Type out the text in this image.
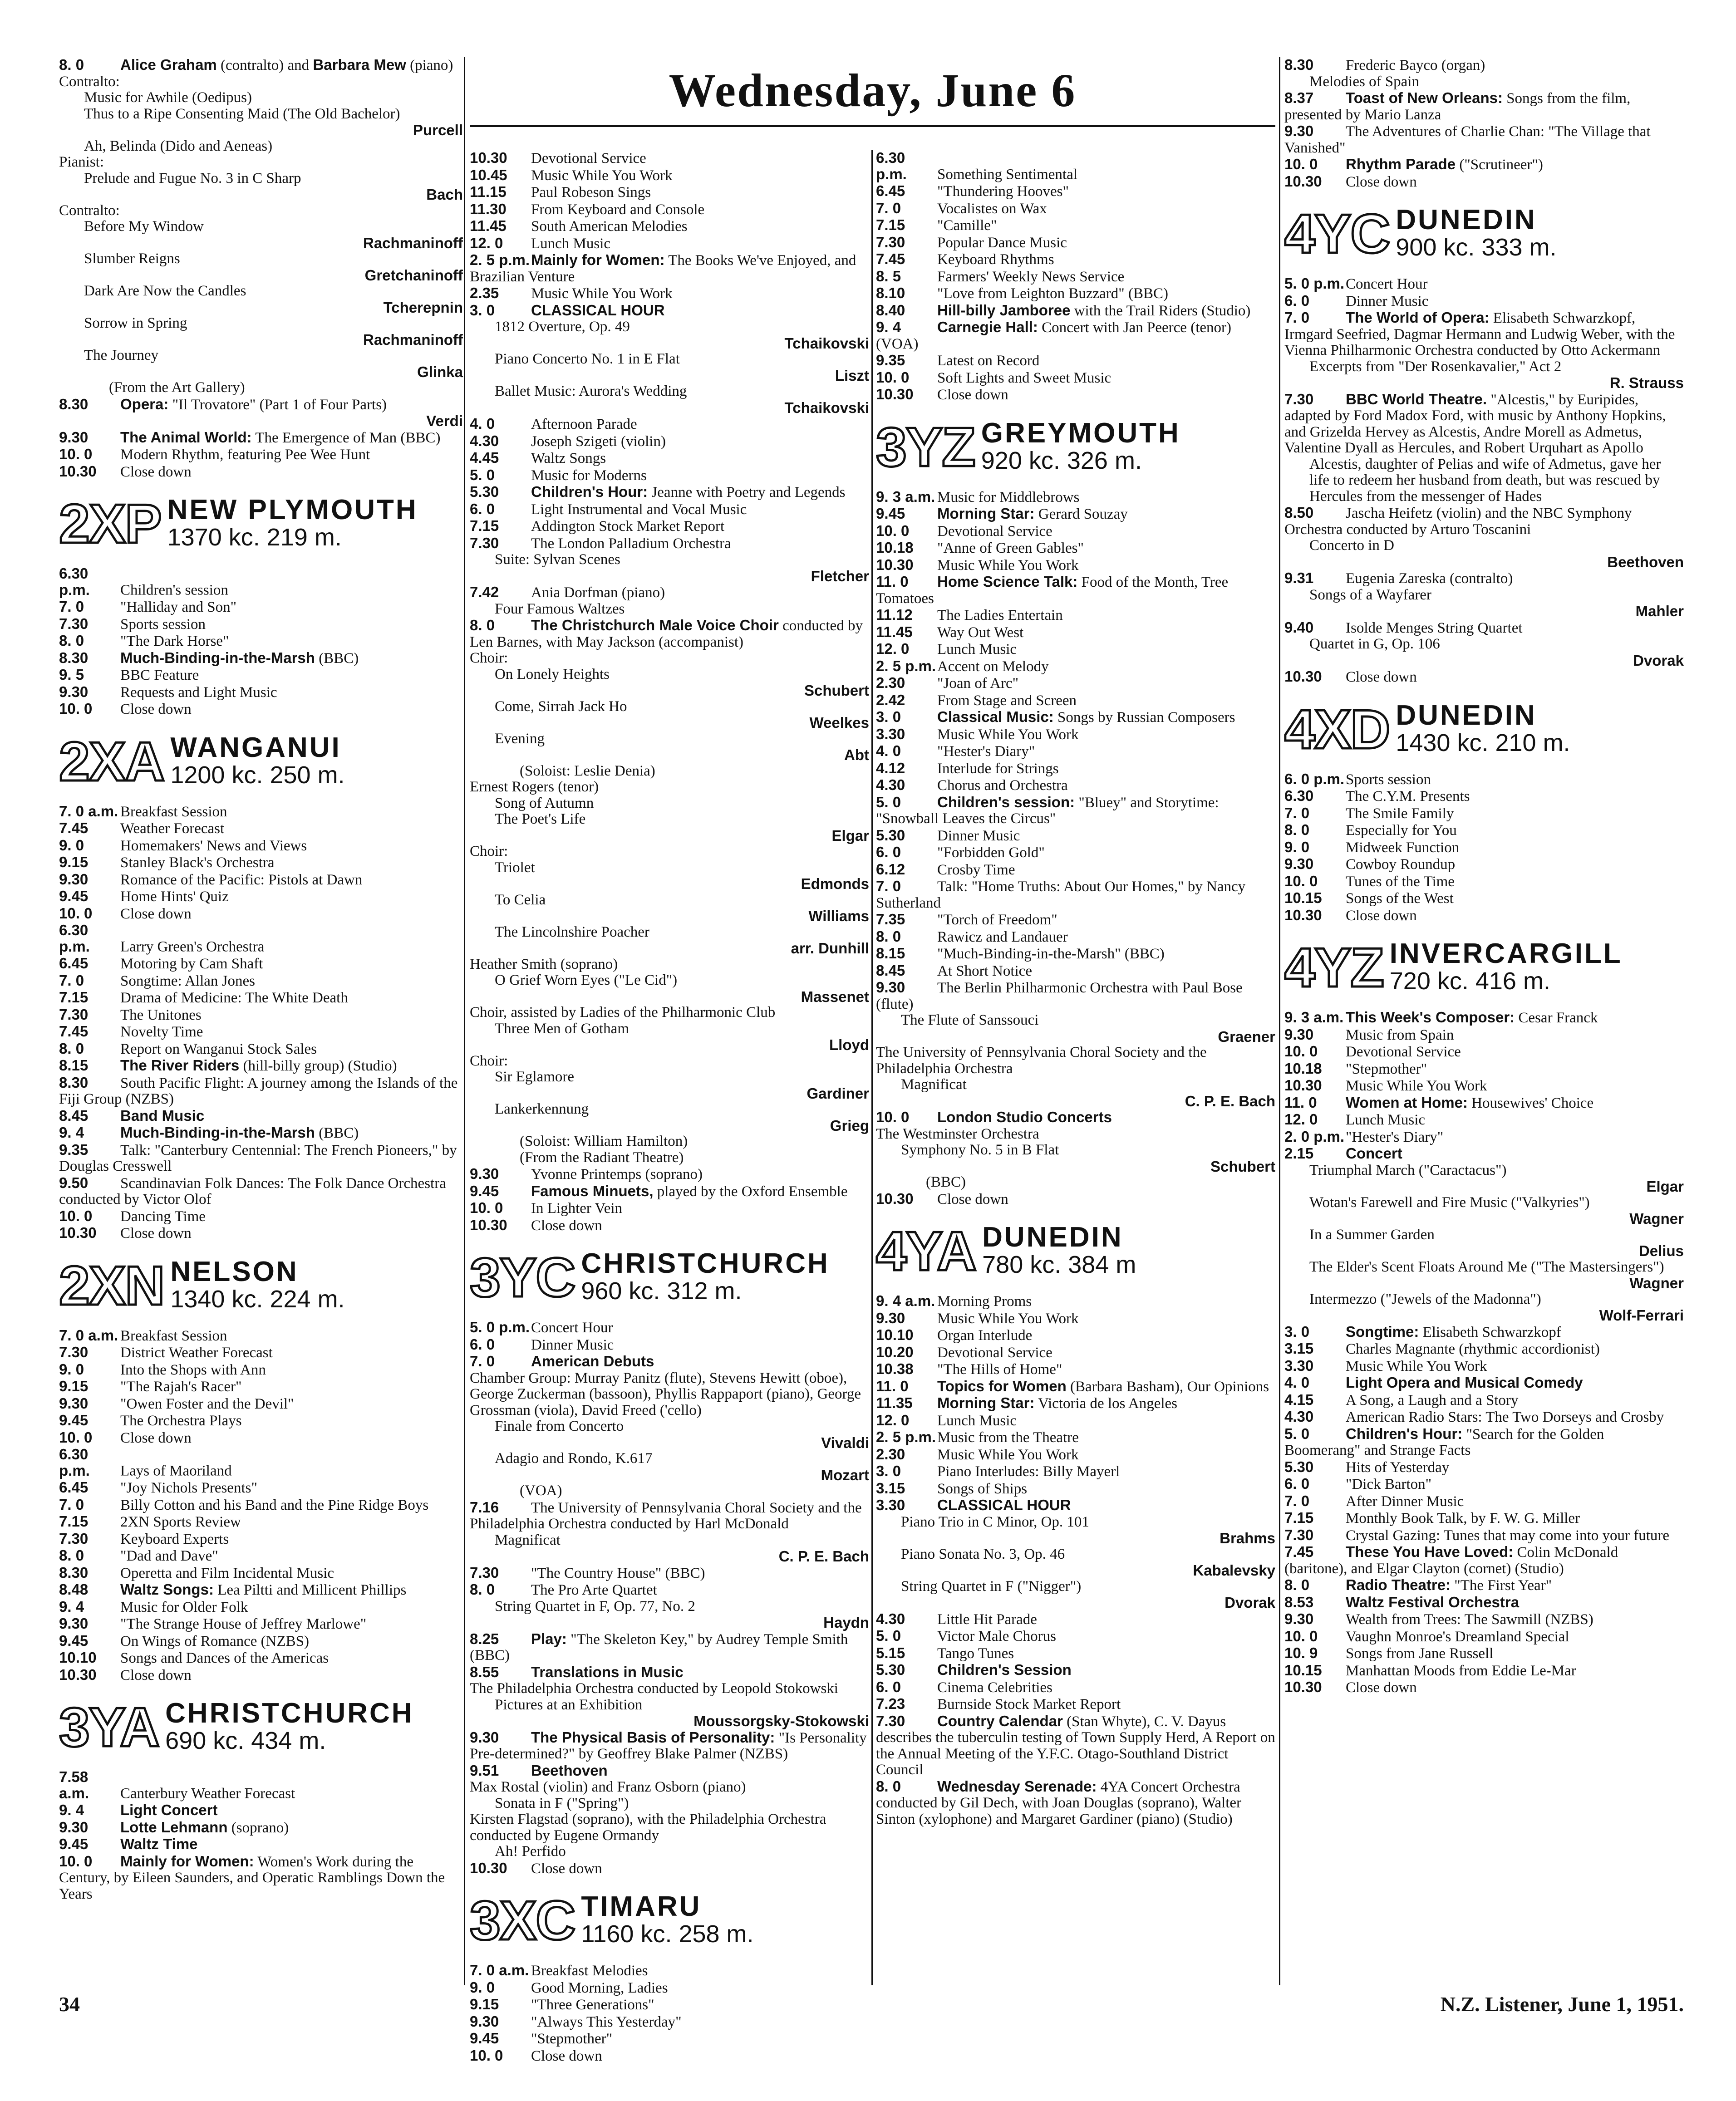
Wednesday, June 6
8. 0 Alice Graham (contralto) and Barbara Mew (piano)
Contralto:
Music for Awhile (Oedipus)
Thus to a Ripe Consenting Maid (The Old Bachelor)
Purcell
Ah, Belinda (Dido and Aeneas)
Pianist:
Prelude and Fugue No. 3 in C Sharp
Bach
Contralto:
Before My Window
Rachmaninoff
Slumber Reigns
Gretchaninoff
Dark Are Now the Candles
Tcherepnin
Sorrow in Spring
Rachmaninoff
The Journey
Glinka
(From the Art Gallery)
8.30 Opera: "Il Trovatore" (Part 1 of Four Parts)
Verdi
9.30 The Animal World: The Emergence of Man (BBC)
10. 0 Modern Rhythm, featuring Pee Wee Hunt
10.30 Close down
2XP NEW PLYMOUTH
1370 kc. 219 m.
6.30 p.m. Children's session
7. 0 "Halliday and Son"
7.30 Sports session
8. 0 "The Dark Horse"
8.30 Much-Binding-in-the-Marsh (BBC)
9. 5 BBC Feature
9.30 Requests and Light Music
10. 0 Close down
2XA WANGANUI
1200 kc. 250 m.
7. 0 a.m. Breakfast Session
7.45 Weather Forecast
9. 0 Homemakers' News and Views
9.15 Stanley Black's Orchestra
9.30 Romance of the Pacific: Pistols at Dawn
9.45 Home Hints' Quiz
10. 0 Close down
6.30 p.m. Larry Green's Orchestra
6.45 Motoring by Cam Shaft
7. 0 Songtime: Allan Jones
7.15 Drama of Medicine: The White Death
7.30 The Unitones
7.45 Novelty Time
8. 0 Report on Wanganui Stock Sales
8.15 The River Riders (hill-billy group) (Studio)
8.30 South Pacific Flight: A journey among the Islands of the Fiji Group (NZBS)
8.45 Band Music
9. 4 Much-Binding-in-the-Marsh (BBC)
9.35 Talk: "Canterbury Centennial: The French Pioneers," by Douglas Cresswell
9.50 Scandinavian Folk Dances: The Folk Dance Orchestra conducted by Victor Olof
10. 0 Dancing Time
10.30 Close down
2XN NELSON
1340 kc. 224 m.
7. 0 a.m. Breakfast Session
7.30 District Weather Forecast
9. 0 Into the Shops with Ann
9.15 "The Rajah's Racer"
9.30 "Owen Foster and the Devil"
9.45 The Orchestra Plays
10. 0 Close down
6.30 p.m. Lays of Maoriland
6.45 "Joy Nichols Presents"
7. 0 Billy Cotton and his Band and the Pine Ridge Boys
7.15 2XN Sports Review
7.30 Keyboard Experts
8. 0 "Dad and Dave"
8.30 Operetta and Film Incidental Music
8.48 Waltz Songs: Lea Piltti and Millicent Phillips
9. 4 Music for Older Folk
9.30 "The Strange House of Jeffrey Marlowe"
9.45 On Wings of Romance (NZBS)
10.10 Songs and Dances of the Americas
10.30 Close down
3YA CHRISTCHURCH
690 kc. 434 m.
7.58 a.m. Canterbury Weather Forecast
9. 4 Light Concert
9.30 Lotte Lehmann (soprano)
9.45 Waltz Time
10. 0 Mainly for Women: Women's Work during the Century, by Eileen Saunders, and Operatic Ramblings Down the Years
10.30 Devotional Service
10.45 Music While You Work
11.15 Paul Robeson Sings
11.30 From Keyboard and Console
11.45 South American Melodies
12. 0 Lunch Music
2. 5 p.m.Mainly for Women: The Books We've Enjoyed, and Brazilian Venture
2.35 Music While You Work
3. 0 CLASSICAL HOUR
1812 Overture, Op. 49
Tchaikovski
Piano Concerto No. 1 in E Flat
Liszt
Ballet Music: Aurora's Wedding
Tchaikovski
4. 0 Afternoon Parade
4.30 Joseph Szigeti (violin)
4.45 Waltz Songs
5. 0 Music for Moderns
5.30 Children's Hour: Jeanne with Poetry and Legends
6. 0 Light Instrumental and Vocal Music
7.15 Addington Stock Market Report
7.30 The London Palladium Orchestra
Suite: Sylvan Scenes
Fletcher
7.42 Ania Dorfman (piano)
Four Famous Waltzes
8. 0 The Christchurch Male Voice Choir conducted by Len Barnes, with May Jackson (accompanist)
Choir:
On Lonely Heights
Schubert
Come, Sirrah Jack Ho
Weelkes
Evening
Abt
(Soloist: Leslie Denia)
Ernest Rogers (tenor)
Song of Autumn
The Poet's Life
Elgar
Choir:
Triolet
Edmonds
To Celia
Williams
The Lincolnshire Poacher
arr. Dunhill
Heather Smith (soprano)
O Grief Worn Eyes ("Le Cid")
Massenet
Choir, assisted by Ladies of the Philharmonic Club
Three Men of Gotham
Lloyd
Choir:
Sir Eglamore
Gardiner
Lankerkennung
Grieg
(Soloist: William Hamilton)
(From the Radiant Theatre)
9.30 Yvonne Printemps (soprano)
9.45 Famous Minuets, played by the Oxford Ensemble
10. 0 In Lighter Vein
10.30 Close down
3YC CHRISTCHURCH
960 kc. 312 m.
5. 0 p.m.Concert Hour
6. 0 Dinner Music
7. 0 American Debuts
Chamber Group: Murray Panitz (flute), Stevens Hewitt (oboe), George Zuckerman (bassoon), Phyllis Rappaport (piano), George Grossman (viola), David Freed ('cello)
Finale from Concerto
Vivaldi
Adagio and Rondo, K.617
Mozart
(VOA)
7.16 The University of Pennsylvania Choral Society and the Philadelphia Orchestra conducted by Harl McDonald
Magnificat
C. P. E. Bach
7.30 "The Country House" (BBC)
8. 0 The Pro Arte Quartet
String Quartet in F, Op. 77, No. 2
Haydn
8.25 Play: "The Skeleton Key," by Audrey Temple Smith (BBC)
8.55 Translations in Music
The Philadelphia Orchestra conducted by Leopold Stokowski
Pictures at an Exhibition
Moussorgsky-Stokowski
9.30 The Physical Basis of Personality: "Is Personality Pre-determined?" by Geoffrey Blake Palmer (NZBS)
9.51 Beethoven
Max Rostal (violin) and Franz Osborn (piano)
Sonata in F ("Spring")
Kirsten Flagstad (soprano), with the Philadelphia Orchestra conducted by Eugene Ormandy
Ah! Perfido
10.30 Close down
3XC TIMARU
1160 kc. 258 m.
7. 0 a.m. Breakfast Melodies
9. 0 Good Morning, Ladies
9.15 "Three Generations"
9.30 "Always This Yesterday"
9.45 "Stepmother"
10. 0 Close down
6.30 p.m. Something Sentimental
6.45 "Thundering Hooves"
7. 0 Vocalistes on Wax
7.15 "Camille"
7.30 Popular Dance Music
7.45 Keyboard Rhythms
8. 5 Farmers' Weekly News Service
8.10 "Love from Leighton Buzzard" (BBC)
8.40 Hill-billy Jamboree with the Trail Riders (Studio)
9. 4 Carnegie Hall: Concert with Jan Peerce (tenor) (VOA)
9.35 Latest on Record
10. 0 Soft Lights and Sweet Music
10.30 Close down
3YZ GREYMOUTH
920 kc. 326 m.
9. 3 a.m. Music for Middlebrows
9.45 Morning Star: Gerard Souzay
10. 0 Devotional Service
10.18 "Anne of Green Gables"
10.30 Music While You Work
11. 0 Home Science Talk: Food of the Month, Tree Tomatoes
11.12 The Ladies Entertain
11.45 Way Out West
12. 0 Lunch Music
2. 5 p.m.Accent on Melody
2.30 "Joan of Arc"
2.42 From Stage and Screen
3. 0 Classical Music: Songs by Russian Composers
3.30 Music While You Work
4. 0 "Hester's Diary"
4.12 Interlude for Strings
4.30 Chorus and Orchestra
5. 0 Children's session: "Bluey" and Storytime: "Snowball Leaves the Circus"
5.30 Dinner Music
6. 0 "Forbidden Gold"
6.12 Crosby Time
7. 0 Talk: "Home Truths: About Our Homes," by Nancy Sutherland
7.35 "Torch of Freedom"
8. 0 Rawicz and Landauer
8.15 "Much-Binding-in-the-Marsh" (BBC)
8.45 At Short Notice
9.30 The Berlin Philharmonic Orchestra with Paul Bose (flute)
The Flute of Sanssouci
Graener
The University of Pennsylvania Choral Society and the Philadelphia Orchestra
Magnificat
C. P. E. Bach
10. 0 London Studio Concerts
The Westminster Orchestra
Symphony No. 5 in B Flat
Schubert
(BBC)
10.30 Close down
4YA DUNEDIN
780 kc. 384 m
9. 4 a.m. Morning Proms
9.30 Music While You Work
10.10 Organ Interlude
10.20 Devotional Service
10.38 "The Hills of Home"
11. 0 Topics for Women (Barbara Basham), Our Opinions
11.35 Morning Star: Victoria de los Angeles
12. 0 Lunch Music
2. 5 p.m.Music from the Theatre
2.30 Music While You Work
3. 0 Piano Interludes: Billy Mayerl
3.15 Songs of Ships
3.30 CLASSICAL HOUR
Piano Trio in C Minor, Op. 101
Brahms
Piano Sonata No. 3, Op. 46
Kabalevsky
String Quartet in F ("Nigger")
Dvorak
4.30 Little Hit Parade
5. 0 Victor Male Chorus
5.15 Tango Tunes
5.30 Children's Session
6. 0 Cinema Celebrities
7.23 Burnside Stock Market Report
7.30 Country Calendar (Stan Whyte), C. V. Dayus describes the tuberculin testing of Town Supply Herd, A Report on the Annual Meeting of the Y.F.C. Otago-Southland District Council
8. 0 Wednesday Serenade: 4YA Concert Orchestra conducted by Gil Dech, with Joan Douglas (soprano), Walter Sinton (xylophone) and Margaret Gardiner (piano) (Studio)
8.30 Frederic Bayco (organ)
Melodies of Spain
8.37 Toast of New Orleans: Songs from the film, presented by Mario Lanza
9.30 The Adventures of Charlie Chan: "The Village that Vanished"
10. 0 Rhythm Parade ("Scrutineer")
10.30 Close down
4YC DUNEDIN
900 kc. 333 m.
5. 0 p.m.Concert Hour
6. 0 Dinner Music
7. 0 The World of Opera: Elisabeth Schwarzkopf, Irmgard Seefried, Dagmar Hermann and Ludwig Weber, with the Vienna Philharmonic Orchestra conducted by Otto Ackermann
Excerpts from "Der Rosenkavalier," Act 2
R. Strauss
7.30 BBC World Theatre. "Alcestis," by Euripides, adapted by Ford Madox Ford, with music by Anthony Hopkins, and Grizelda Hervey as Alcestis, Andre Morell as Admetus, Valentine Dyall as Hercules, and Robert Urquhart as Apollo
Alcestis, daughter of Pelias and wife of Admetus, gave her life to redeem her husband from death, but was rescued by Hercules from the messenger of Hades
8.50 Jascha Heifetz (violin) and the NBC Symphony Orchestra conducted by Arturo Toscanini
Concerto in D
Beethoven
9.31 Eugenia Zareska (contralto)
Songs of a Wayfarer
Mahler
9.40 Isolde Menges String Quartet
Quartet in G, Op. 106
Dvorak
10.30 Close down
4XD DUNEDIN
1430 kc. 210 m.
6. 0 p.m.Sports session
6.30 The C.Y.M. Presents
7. 0 The Smile Family
8. 0 Especially for You
9. 0 Midweek Function
9.30 Cowboy Roundup
10. 0 Tunes of the Time
10.15 Songs of the West
10.30 Close down
4YZ INVERCARGILL
720 kc. 416 m.
9. 3 a.m. This Week's Composer: Cesar Franck
9.30 Music from Spain
10. 0 Devotional Service
10.18 "Stepmother"
10.30 Music While You Work
11. 0 Women at Home: Housewives' Choice
12. 0 Lunch Music
2. 0 p.m."Hester's Diary"
2.15 Concert
Triumphal March ("Caractacus")
Elgar
Wotan's Farewell and Fire Music ("Valkyries")
Wagner
In a Summer Garden
Delius
The Elder's Scent Floats Around Me ("The Mastersingers")
Wagner
Intermezzo ("Jewels of the Madonna")
Wolf-Ferrari
3. 0 Songtime: Elisabeth Schwarzkopf
3.15 Charles Magnante (rhythmic accordionist)
3.30 Music While You Work
4. 0 Light Opera and Musical Comedy
4.15 A Song, a Laugh and a Story
4.30 American Radio Stars: The Two Dorseys and Crosby
5. 0 Children's Hour: "Search for the Golden Boomerang" and Strange Facts
5.30 Hits of Yesterday
6. 0 "Dick Barton"
7. 0 After Dinner Music
7.15 Monthly Book Talk, by F. W. G. Miller
7.30 Crystal Gazing: Tunes that may come into your future
7.45 These You Have Loved: Colin McDonald (baritone), and Elgar Clayton (cornet) (Studio)
8. 0 Radio Theatre: "The First Year"
8.53 Waltz Festival Orchestra
9.30 Wealth from Trees: The Sawmill (NZBS)
10. 0 Vaughn Monroe's Dreamland Special
10. 9 Songs from Jane Russell
10.15 Manhattan Moods from Eddie Le-Mar
10.30 Close down
34	N.Z. Listener, June 1, 1951.
